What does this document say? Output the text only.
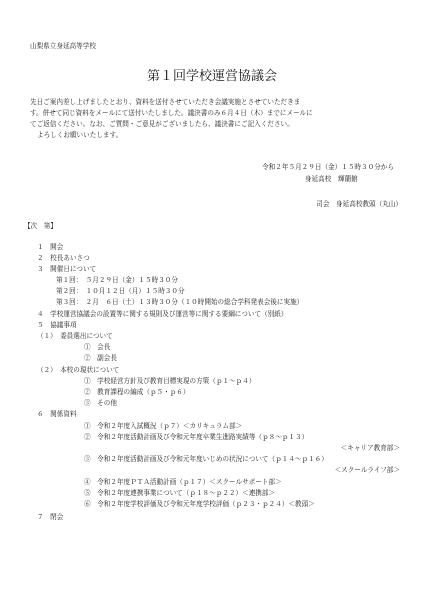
山梨県立身延高等学校
第１回学校運営協議会
先日ご案内差し上げましたとおり、資料を送付させていただき会議実施とさせていただきま
す。併せて同じ資料をメールにて送付いたしました。議決書のみ６月４日（木）までにメールに
てご返信ください。なお、ご質問・ご意見がございましたら、議決書にご記入ください。
よろしくお願いいたします。
令和２年５月２９日（金）１５時３０分から
身延高校　輝蘭館
司会　身延高校教頭（丸山）
【次　第】
１　開会
２　校長あいさつ
３　開催日について
第１回：　５月２９日（金）１５時３０分
第２回：　１０月１２日（月）１５時３０分
第３回：　２月　６日（土）１３時３０分（１０時開始の総合学科発表会後に実施）
４　学校運営協議会の設置等に関する規則及び運営等に関する要綱について（別紙）
５　協議事項
（１）　委員選出について
①　会長
②　副会長
（２）　本校の現状について
①　学校経営方針及び教育目標実現の方策（ｐ１～ｐ４）
②　教育課程の編成（ｐ５・ｐ６）
③　その他
６　関係資料
①　令和２年度入試概況（ｐ７）＜カリキュラム部＞
②　令和２年度活動計画及び令和元年度卒業生進路実績等（ｐ８～ｐ１３）
＜キャリア教育部＞
③　令和２年度活動計画及び令和元年度いじめの状況について（ｐ１４～ｐ１６）
＜スクールライフ部＞
④　令和２年度ＰＴＡ活動計画（ｐ１７）＜スクールサポート部＞
⑤　令和２年度連携事業について（ｐ１８～ｐ２２）＜連携部＞
⑥　令和２年度学校評価及び令和元年度学校評価（ｐ２３・ｐ２４）＜教頭＞
７　閉会
